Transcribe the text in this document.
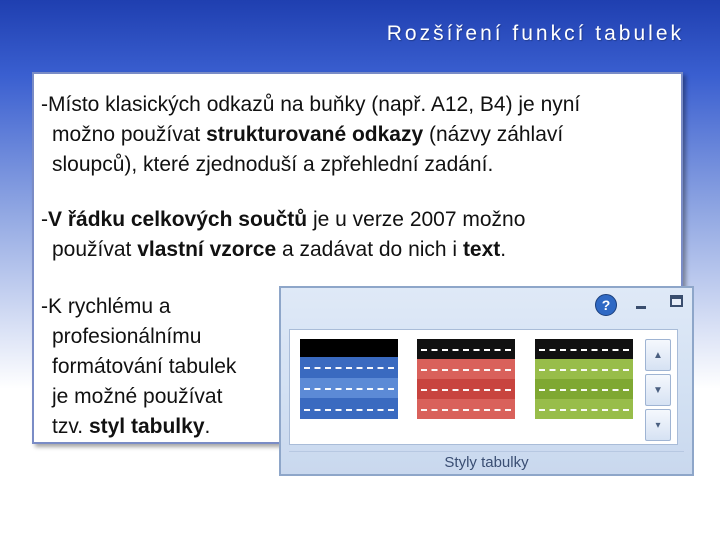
Rozšíření funkcí tabulek

-Místo klasických odkazů na buňky (např. A12, B4) je nyní
možno používat strukturované odkazy (názvy záhlaví
sloupců), které zjednoduší a zpřehlední zadání.

-V řádku celkových součtů je u verze 2007 možno
používat vlastní vzorce a zadávat do nich i text.

-K rychlému a
profesionálnímu
formátování tabulek
je možné používat
tzv. styl tabulky.

?
▲
▼
▾
Styly tabulky
